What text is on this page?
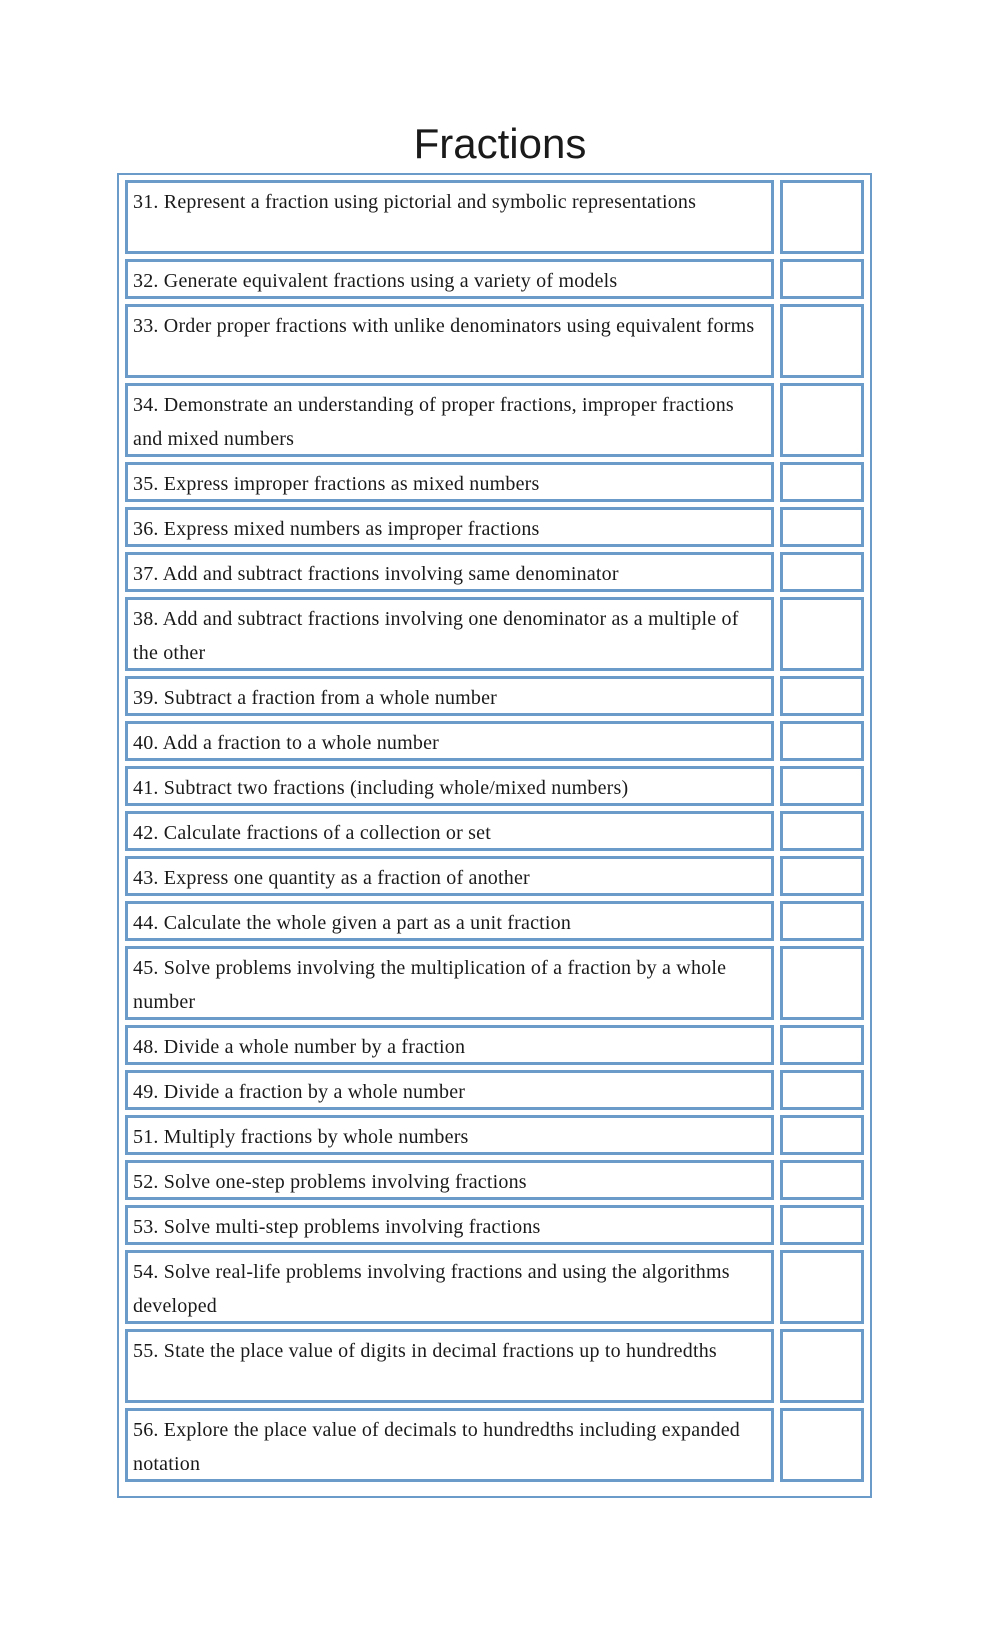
Fractions
31. Represent a fraction using pictorial and symbolic representations
32. Generate equivalent fractions using a variety of models
33. Order proper fractions with unlike denominators using equivalent forms
34. Demonstrate an understanding of proper fractions, improper fractions and mixed numbers
35. Express improper fractions as mixed numbers
36. Express mixed numbers as improper fractions
37. Add and subtract fractions involving same denominator
38. Add and subtract fractions involving one denominator as a multiple of the other
39. Subtract a fraction from a whole number
40. Add a fraction to a whole number
41. Subtract two fractions (including whole/mixed numbers)
42. Calculate fractions of a collection or set
43. Express one quantity as a fraction of another
44. Calculate the whole given a part as a unit fraction
45. Solve problems involving the multiplication of a fraction by a whole number
48. Divide a whole number by a fraction
49. Divide a fraction by a whole number
51. Multiply fractions by whole numbers
52. Solve one-step problems involving fractions
53. Solve multi-step problems involving fractions
54. Solve real-life problems involving fractions and using the algorithms developed
55. State the place value of digits in decimal fractions up to hundredths
56. Explore the place value of decimals to hundredths including expanded notation
